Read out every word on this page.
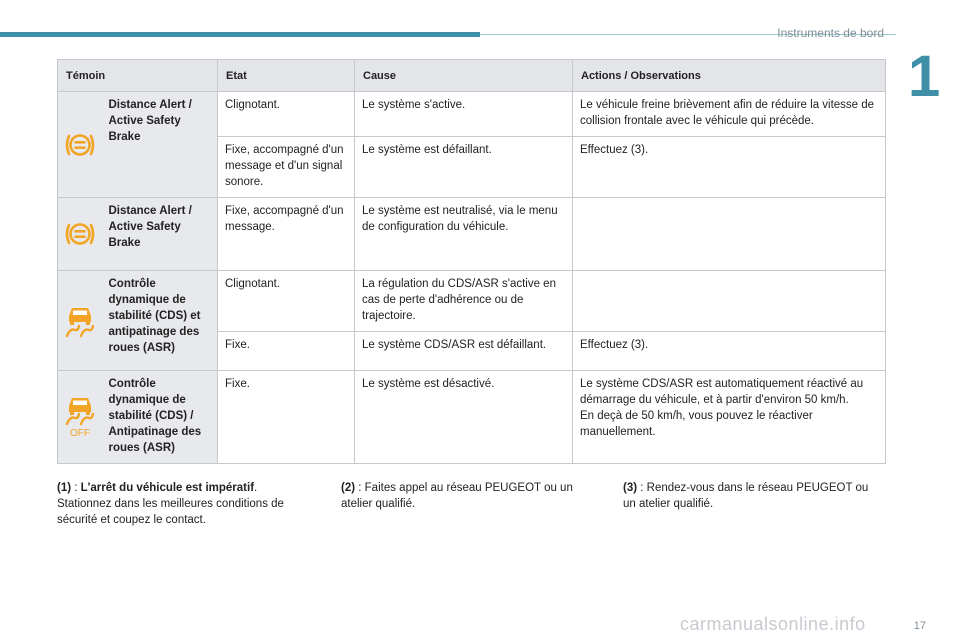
Instruments de bord
1
Témoin		Etat	Cause	Actions / Observations
	Distance Alert / Active Safety Brake	Clignotant.	Le système s'active.	Le véhicule freine brièvement afin de réduire la vitesse de collision frontale avec le véhicule qui précède.
		Fixe, accompagné d'un message et d'un signal sonore.	Le système est défaillant.	Effectuez (3).
	Distance Alert / Active Safety Brake	Fixe, accompagné d'un message.	Le système est neutralisé, via le menu de configuration du véhicule.	
	Contrôle dynamique de stabilité (CDS) et antipatinage des roues (ASR)	Clignotant.	La régulation du CDS/ASR s'active en cas de perte d'adhérence ou de trajectoire.	
		Fixe.	Le système CDS/ASR est défaillant.	Effectuez (3).

OFF	Contrôle dynamique de stabilité (CDS) / Antipatinage des roues (ASR)	Fixe.	Le système est désactivé.	Le système CDS/ASR est automatiquement réactivé au démarrage du véhicule, et à partir d'environ 50 km/h.
En deçà de 50 km/h, vous pouvez le réactiver manuellement.
(1) : L'arrêt du véhicule est impératif.
Stationnez dans les meilleures conditions de sécurité et coupez le contact.
(2) : Faites appel au réseau PEUGEOT ou un atelier qualifié.
(3) : Rendez-vous dans le réseau PEUGEOT ou un atelier qualifié.
carmanualsonline.info	17
